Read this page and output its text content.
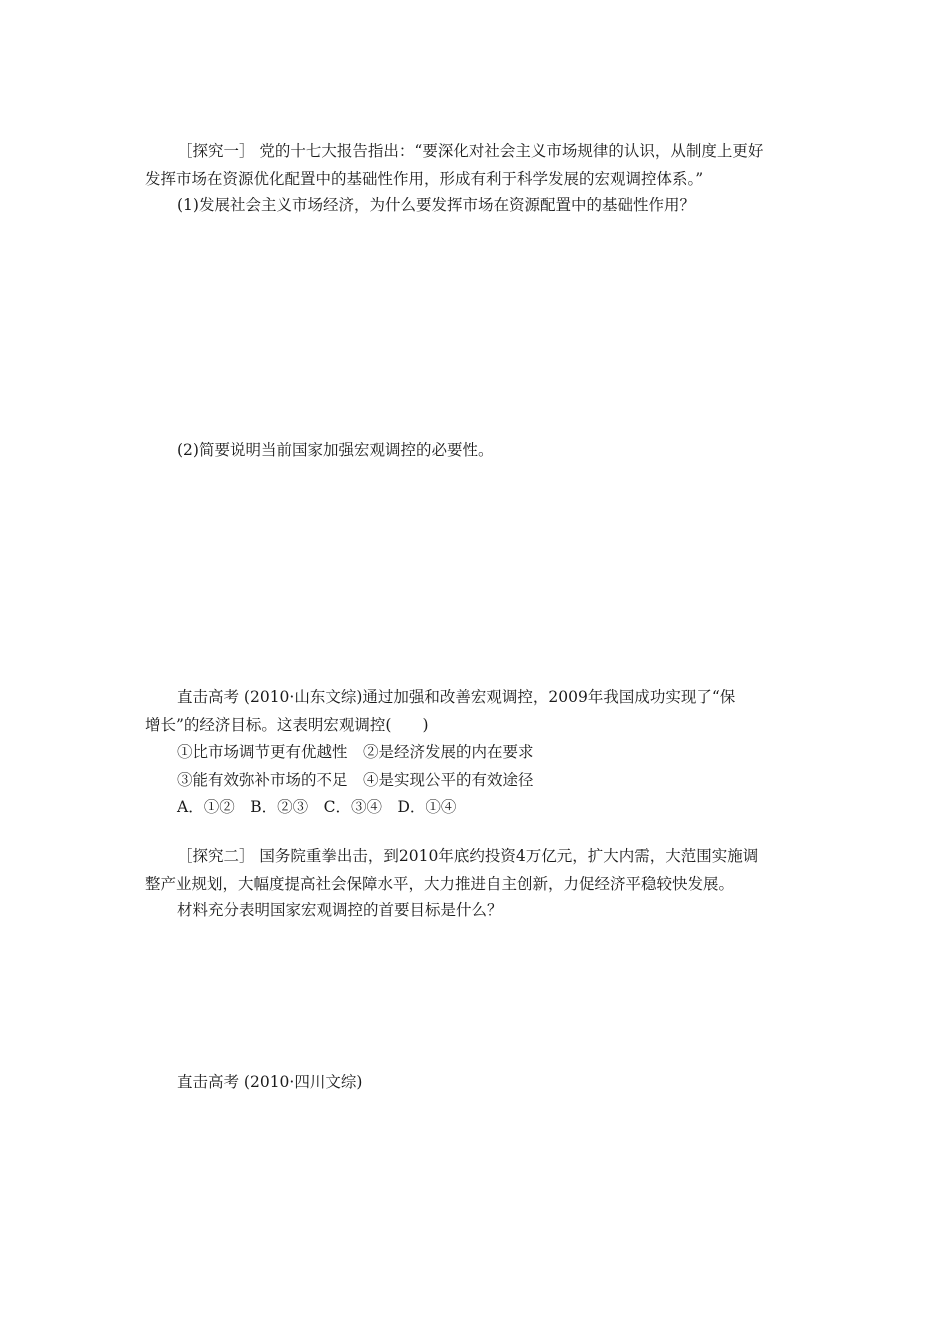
［探究一］ 党的十七大报告指出：“要深化对社会主义市场规律的认识，从制度上更好
发挥市场在资源优化配置中的基础性作用，形成有利于科学发展的宏观调控体系。”

(1)发展社会主义市场经济，为什么要发挥市场在资源配置中的基础性作用？

(2)简要说明当前国家加强宏观调控的必要性。

直击高考 (2010·山东文综)通过加强和改善宏观调控，2009年我国成功实现了“保
增长”的经济目标。这表明宏观调控(　　)
①比市场调节更有优越性　②是经济发展的内在要求
③能有效弥补市场的不足　④是实现公平的有效途径
A．①②　B．②③　C．③④　D．①④

［探究二］ 国务院重拳出击，到2010年底约投资4万亿元，扩大内需，大范围实施调
整产业规划，大幅度提高社会保障水平，大力推进自主创新，力促经济平稳较快发展。

材料充分表明国家宏观调控的首要目标是什么？

直击高考 (2010·四川文综)
